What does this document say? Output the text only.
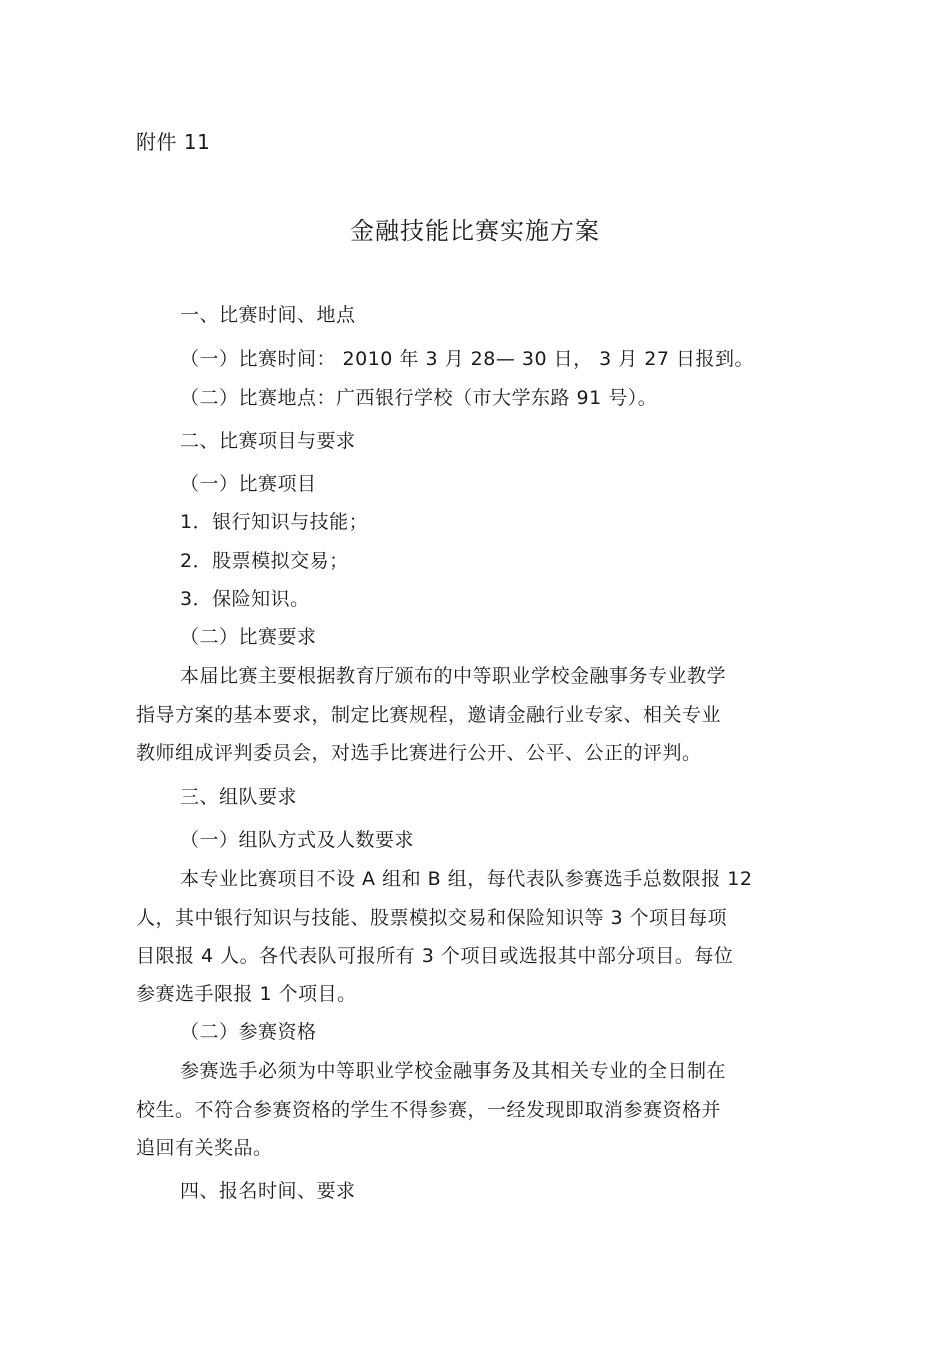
附件 11
金融技能比赛实施方案
一、比赛时间、地点
（一）比赛时间： 2010 年 3 月 28— 30 日， 3 月 27 日报到。
（二）比赛地点：广西银行学校（市大学东路 91 号）。
二、比赛项目与要求
（一）比赛项目
1．银行知识与技能；
2．股票模拟交易；
3．保险知识。
（二）比赛要求
本届比赛主要根据教育厅颁布的中等职业学校金融事务专业教学
指导方案的基本要求，制定比赛规程，邀请金融行业专家、相关专业
教师组成评判委员会，对选手比赛进行公开、公平、公正的评判。
三、组队要求
（一）组队方式及人数要求
本专业比赛项目不设 A 组和 B 组，每代表队参赛选手总数限报 12
人，其中银行知识与技能、股票模拟交易和保险知识等 3 个项目每项
目限报 4 人。各代表队可报所有 3 个项目或选报其中部分项目。每位
参赛选手限报 1 个项目。
（二）参赛资格
参赛选手必须为中等职业学校金融事务及其相关专业的全日制在
校生。不符合参赛资格的学生不得参赛，一经发现即取消参赛资格并
追回有关奖品。
四、报名时间、要求
